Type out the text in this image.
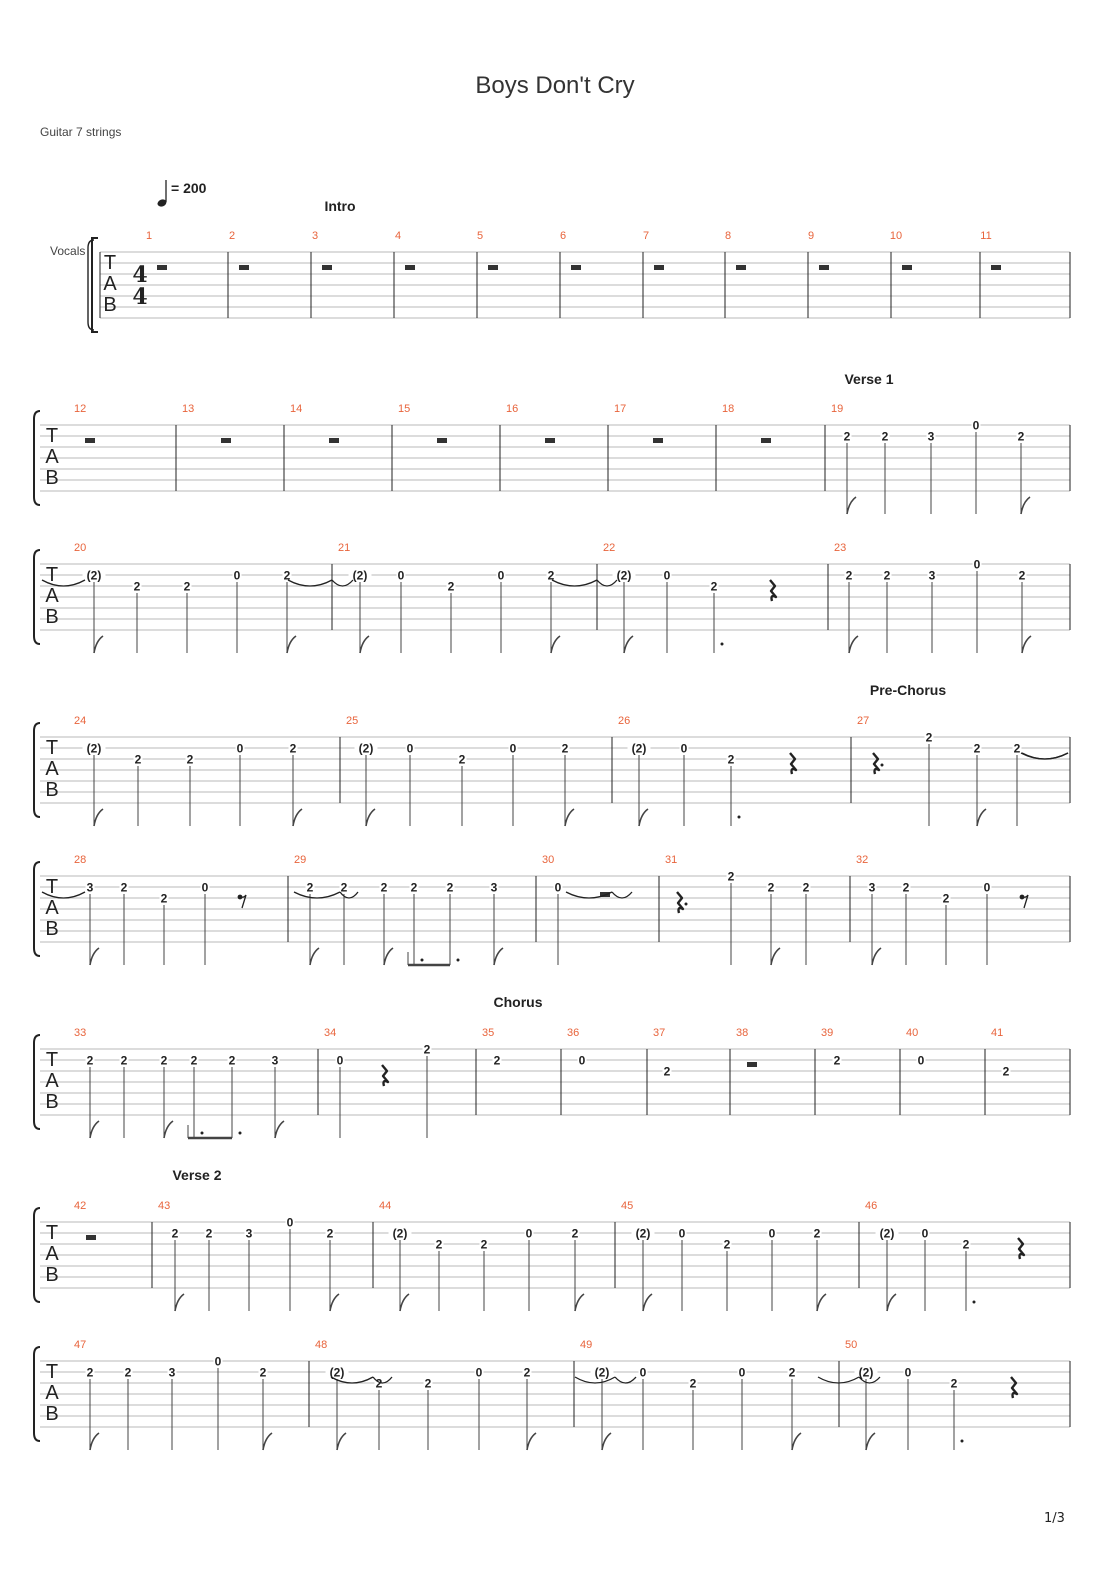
Boys Don't Cry
Guitar 7 strings
Intro
Verse 1
Pre-Chorus
Chorus
Verse 2
= 200
Vocals
T
A
B
4
4
1	2	3	4	5	6	7	8	9	10	11
T
A
B
12	13	14	15	16	17	18	19
2	2	3
0
2
T
A
B
20
(2)
2	2
0	2
21
(2)	0
2
0	2
22
(2)	0
2
23
2	2	3
0
2
T
A
B
24
(2)
2	2
0	2
25
(2)	0
2
0	2
26
(2)	0
2
27
2
2	2
T
A
B
28
3 2
2
0
29
2 2	2 2 2	3
30
0
31
2
2 2
32
3 2
2
0
T
A
B
33
2 2	2 2	2	3
34
0
2
35
2
36
0
37
2
38	39
2
40
0
41
2
T
A
B
42	43
2 2	3
0
2
44
(2)
2	2
0	2
45
(2) 0
2
0	2
46
(2) 0
2
T
A
B
47
2	2	3
0
2
48
(2)
2	2
0	2
49
(2)	0
2
0	2
50
(2)	0
2
1/3
